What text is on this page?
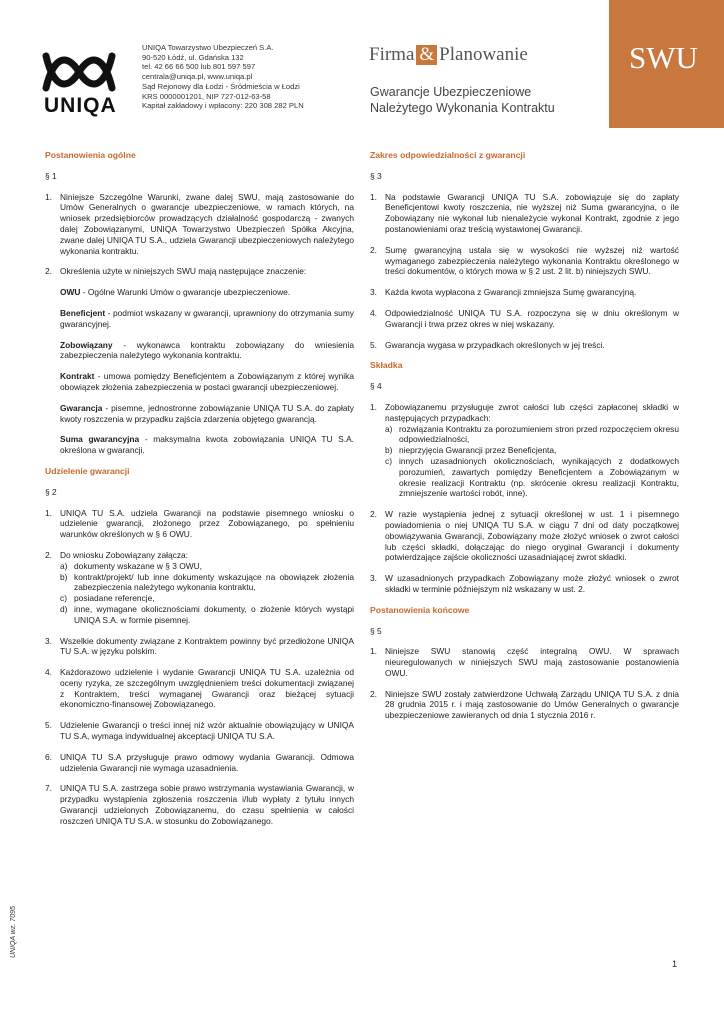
UNIQA
UNIQA Towarzystwo Ubezpieczeń S.A.
90-520 Łódź, ul. Gdańska 132
tel. 42 66 66 500 lub 801 597 597
centrala@uniqa.pl, www.uniqa.pl
Sąd Rejonowy dla Łodzi - Śródmieścia w Łodzi
KRS 0000001201, NIP 727-012-63-58
Kapitał zakładowy i wpłacony: 220 308 282 PLN
Firma & Planowanie
Gwarancje Ubezpieczeniowe
Należytego Wykonania Kontraktu
SWU

Postanowienia ogólne

§ 1

1. Niniejsze Szczególne Warunki, zwane dalej SWU, mają zastosowanie do Umów Generalnych o gwarancje ubezpieczeniowe, w ramach których, na wniosek przedsiębiorców prowadzących działalność gospodarczą - zwanych dalej Zobowiązanymi, UNIQA Towarzystwo Ubezpieczeń Spółka Akcyjna, zwane dalej UNIQA TU S.A., udziela Gwarancji ubezpieczeniowych należytego wykonania kontraktu.
2. Określenia użyte w niniejszych SWU mają następujące znaczenie:

OWU - Ogólne Warunki Umów o gwarancje ubezpieczeniowe.

Beneficjent - podmiot wskazany w gwarancji, uprawniony do otrzymania sumy gwarancyjnej.

Zobowiązany - wykonawca kontraktu zobowiązany do wniesienia zabezpieczenia należytego wykonania kontraktu.

Kontrakt - umowa pomiędzy Beneficjentem a Zobowiązanym z której wynika obowiązek złożenia zabezpieczenia w postaci gwarancji ubezpieczeniowej.

Gwarancja - pisemne, jednostronne zobowiązanie UNIQA TU S.A. do zapłaty kwoty roszczenia w przypadku zajścia zdarzenia objętego gwarancją.

Suma gwarancyjna - maksymalna kwota zobowiązania UNIQA TU S.A. określona w gwarancji.

Udzielenie gwarancji

§ 2

1. UNIQA TU S.A. udziela Gwarancji na podstawie pisemnego wniosku o udzielenie gwarancji, złożonego przez Zobowiązanego, po spełnieniu warunków określonych w § 6 OWU.
2. Do wniosku Zobowiązany załącza:
a) dokumenty wskazane w § 3 OWU,
b) kontrakt/projekt/ lub inne dokumenty wskazujące na obowiązek złożenia zabezpieczenia należytego wykonania kontraktu,
c) posiadane referencje,
d) inne, wymagane okolicznościami dokumenty, o złożenie których wystąpi UNIQA S.A. w formie pisemnej.
3. Wszelkie dokumenty związane z Kontraktem powinny być przedłożone UNIQA TU S.A. w języku polskim.
4. Każdorazowo udzielenie i wydanie Gwarancji UNIQA TU S.A. uzależnia od oceny ryzyka, ze szczególnym uwzględnieniem treści dokumentacji związanej z Kontraktem, treści wymaganej Gwarancji oraz bieżącej sytuacji ekonomiczno-finansowej Zobowiązanego.
5. Udzielenie Gwarancji o treści innej niż wzór aktualnie obowiązujący w UNIQA TU S.A, wymaga indywidualnej akceptacji UNIQA TU S.A.
6. UNIQA TU S.A przysługuje prawo odmowy wydania Gwarancji. Odmowa udzielenia Gwarancji nie wymaga uzasadnienia.
7. UNIQA TU S.A. zastrzega sobie prawo wstrzymania wystawiania Gwarancji, w przypadku wystąpienia zgłoszenia roszczenia i/lub wypłaty z tytułu innych Gwarancji udzielonych Zobowiązanemu, do czasu spełnienia w całości roszczeń UNIQA TU S.A. w stosunku do Zobowiązanego.

Zakres odpowiedzialności z gwarancji

§ 3

1. Na podstawie Gwarancji UNIQA TU S.A. zobowiązuje się do zapłaty Beneficjentowi kwoty roszczenia, nie wyższej niż Suma gwarancyjna, o ile Zobowiązany nie wykonał lub nienależycie wykonał Kontrakt, zgodnie z jego postanowieniami oraz treścią wystawionej Gwarancji.
2. Sumę gwarancyjną ustala się w wysokości nie wyższej niż wartość wymaganego zabezpieczenia należytego wykonania Kontraktu określonego w treści dokumentów, o których mowa w § 2 ust. 2 lit. b) niniejszych SWU.
3. Każda kwota wypłacona z Gwarancji zmniejsza Sumę gwarancyjną.
4. Odpowiedzialność UNIQA TU S.A. rozpoczyna się w dniu określonym w Gwarancji i trwa przez okres w niej wskazany.
5. Gwarancja wygasa w przypadkach określonych w jej treści.

Składka

§ 4

1. Zobowiązanemu przysługuje zwrot całości lub części zapłaconej składki w następujących przypadkach:
a) rozwiązania Kontraktu za porozumieniem stron przed rozpoczęciem okresu odpowiedzialności,
b) nieprzyjęcia Gwarancji przez Beneficjenta,
c) innych uzasadnionych okolicznościach, wynikających z dodatkowych porozumień, zawartych pomiędzy Beneficjentem a Zobowiązanym w okresie realizacji Kontraktu (np. skrócenie okresu realizacji Kontraktu, zmniejszenie wartości robót, inne).
2. W razie wystąpienia jednej z sytuacji określonej w ust. 1 i pisemnego powiadomienia o niej UNIQA TU S.A. w ciągu 7 dni od daty początkowej obowiązywania Gwarancji, Zobowiązany może złożyć wniosek o zwrot całości lub części składki, dołączając do niego oryginał Gwarancji i dokumenty potwierdzające zajście okoliczności uzasadniającej zwrot składki.
3. W uzasadnionych przypadkach Zobowiązany może złożyć wniosek o zwrot składki w terminie późniejszym niż wskazany w ust. 2.

Postanowienia końcowe

§ 5

1. Niniejsze SWU stanowią część integralną OWU. W sprawach nieuregulowanych w niniejszych SWU mają zastosowanie postanowienia OWU.
2. Niniejsze SWU zostały zatwierdzone Uchwałą Zarządu UNIQA TU S.A. z dnia 28 grudnia 2015 r. i mają zastosowanie do Umów Generalnych o gwarancje ubezpieczeniowe zawieranych od dnia 1 stycznia 2016 r.
UNIQA wz. 7095
1
